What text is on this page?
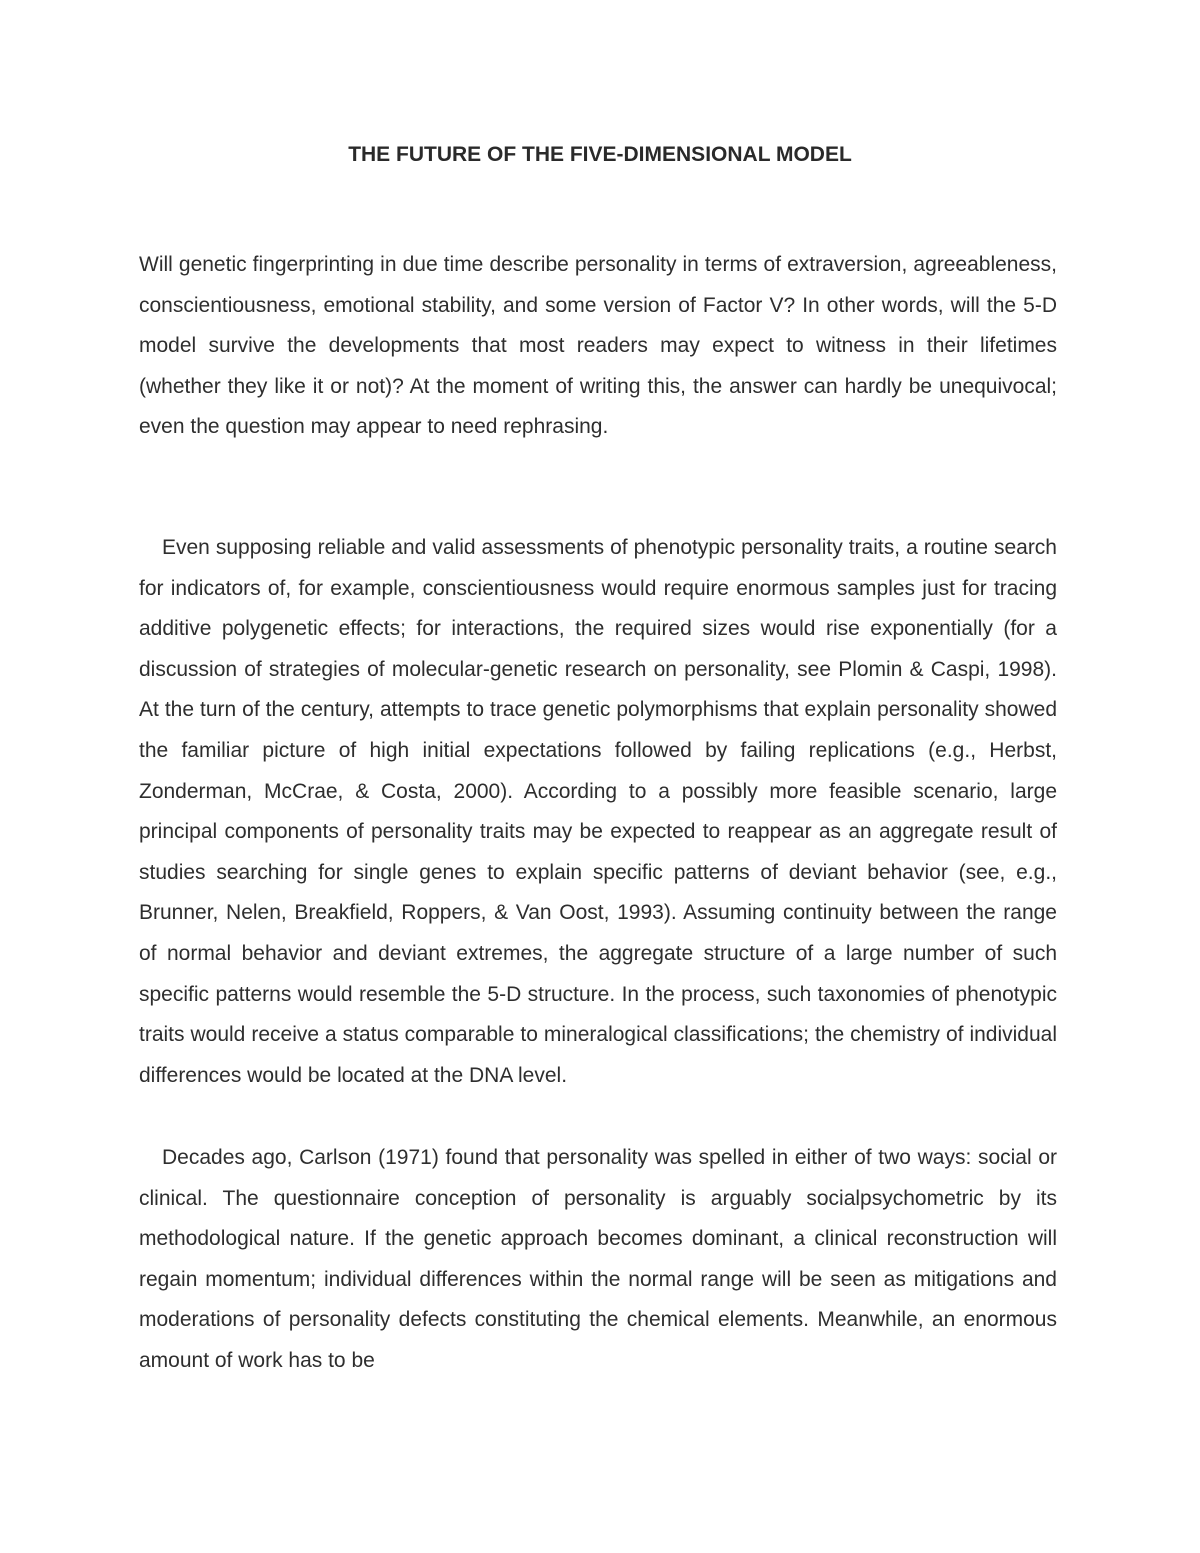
THE FUTURE OF THE FIVE-DIMENSIONAL MODEL

Will genetic fingerprinting in due time describe personality in terms of extraversion, agreeableness, conscientiousness, emotional stability, and some version of Factor V? In other words, will the 5-D model survive the developments that most readers may expect to witness in their lifetimes (whether they like it or not)? At the moment of writing this, the answer can hardly be unequivocal; even the question may appear to need rephrasing.

Even supposing reliable and valid assessments of phenotypic personality traits, a routine search for indicators of, for example, conscientiousness would require enormous samples just for tracing additive polygenetic effects; for interactions, the required sizes would rise exponentially (for a discussion of strategies of molecular-genetic research on personality, see Plomin & Caspi, 1998). At the turn of the century, attempts to trace genetic polymorphisms that explain personality showed the familiar picture of high initial expectations followed by failing replications (e.g., Herbst, Zonderman, McCrae, & Costa, 2000). According to a possibly more feasible scenario, large principal components of personality traits may be expected to reappear as an aggregate result of studies searching for single genes to explain specific patterns of deviant behavior (see, e.g., Brunner, Nelen, Breakfield, Roppers, & Van Oost, 1993). Assuming continuity between the range of normal behavior and deviant extremes, the aggregate structure of a large number of such specific patterns would resemble the 5-D structure. In the process, such taxonomies of phenotypic traits would receive a status comparable to mineralogical classifications; the chemistry of individual differences would be located at the DNA level.

Decades ago, Carlson (1971) found that personality was spelled in either of two ways: social or clinical. The questionnaire conception of personality is arguably socialpsychometric by its methodological nature. If the genetic approach becomes dominant, a clinical reconstruction will regain momentum; individual differences within the normal range will be seen as mitigations and moderations of personality defects constituting the chemical elements. Meanwhile, an enormous amount of work has to be
